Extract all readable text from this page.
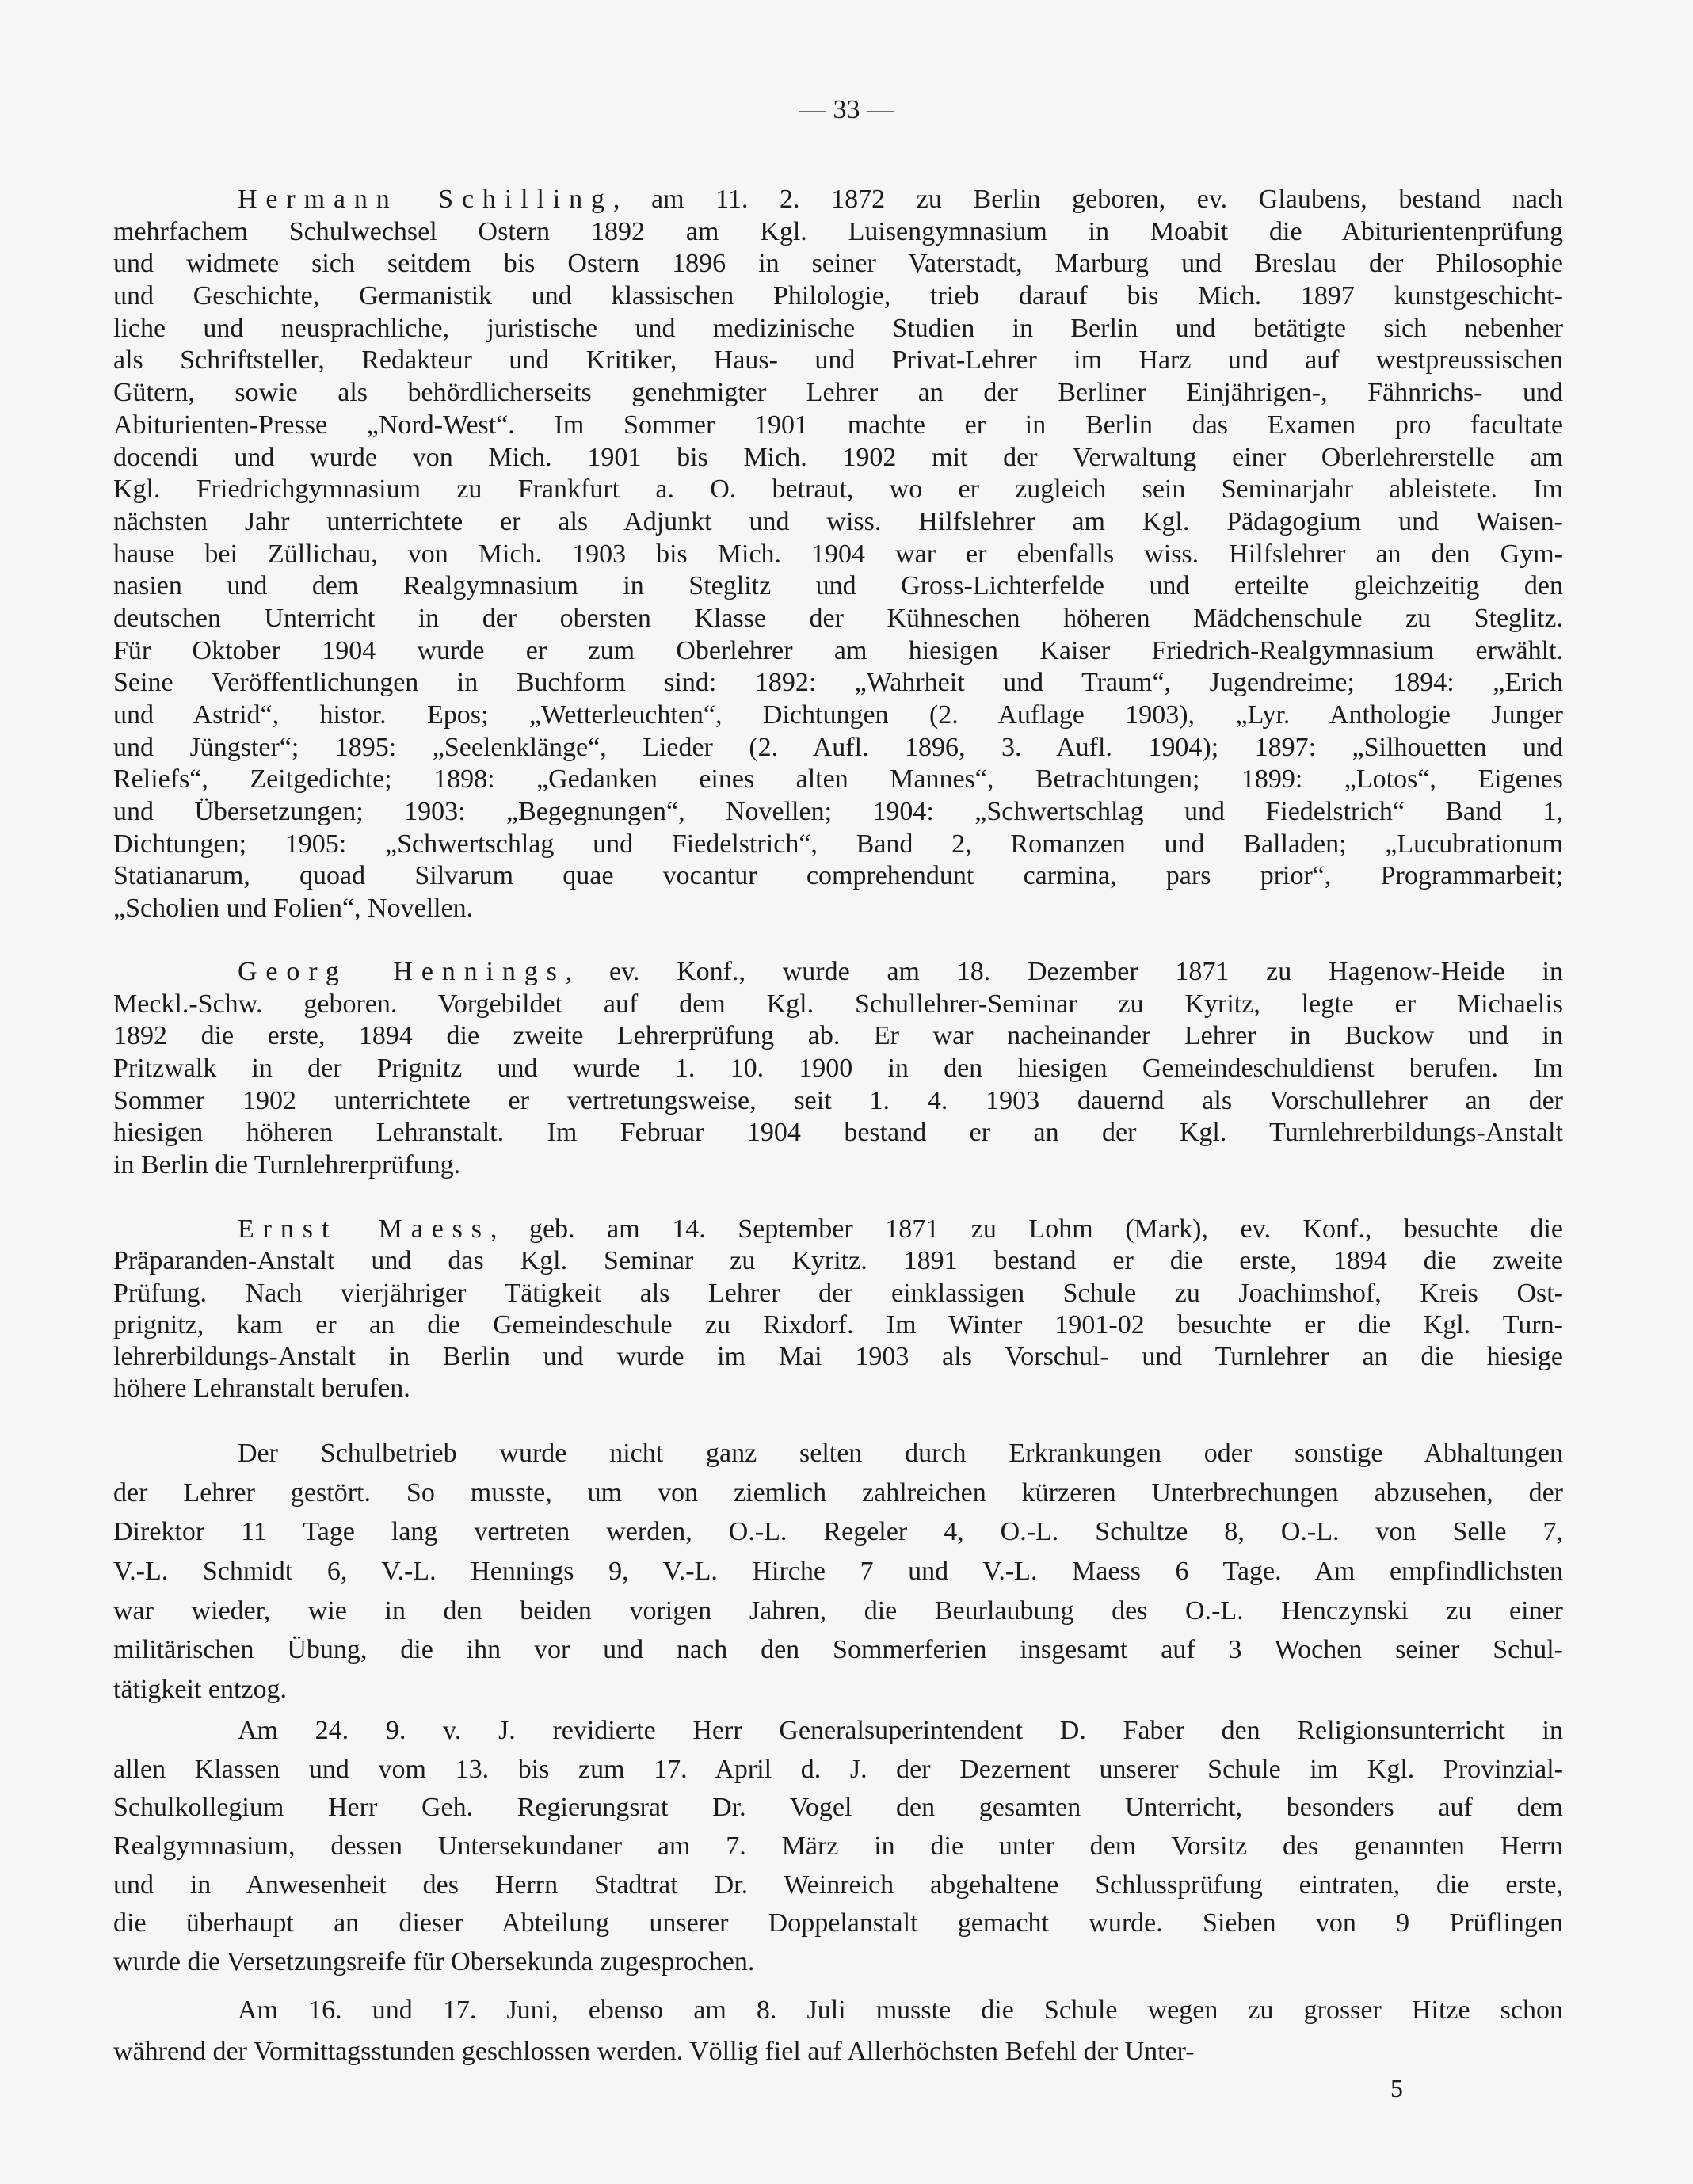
— 33 —
Hermann Schilling, am 11. 2. 1872 zu Berlin geboren, ev. Glaubens, bestand nach
mehrfachem Schulwechsel Ostern 1892 am Kgl. Luisengymnasium in Moabit die Abiturientenprüfung
und widmete sich seitdem bis Ostern 1896 in seiner Vaterstadt, Marburg und Breslau der Philosophie
und Geschichte, Germanistik und klassischen Philologie, trieb darauf bis Mich. 1897 kunstgeschicht-
liche und neusprachliche, juristische und medizinische Studien in Berlin und betätigte sich nebenher
als Schriftsteller, Redakteur und Kritiker, Haus- und Privat-Lehrer im Harz und auf westpreussischen
Gütern, sowie als behördlicherseits genehmigter Lehrer an der Berliner Einjährigen-, Fähnrichs- und
Abiturienten-Presse „Nord-West“. Im Sommer 1901 machte er in Berlin das Examen pro facultate
docendi und wurde von Mich. 1901 bis Mich. 1902 mit der Verwaltung einer Oberlehrerstelle am
Kgl. Friedrichgymnasium zu Frankfurt a. O. betraut, wo er zugleich sein Seminarjahr ableistete. Im
nächsten Jahr unterrichtete er als Adjunkt und wiss. Hilfslehrer am Kgl. Pädagogium und Waisen-
hause bei Züllichau, von Mich. 1903 bis Mich. 1904 war er ebenfalls wiss. Hilfslehrer an den Gym-
nasien und dem Realgymnasium in Steglitz und Gross-Lichterfelde und erteilte gleichzeitig den
deutschen Unterricht in der obersten Klasse der Kühneschen höheren Mädchenschule zu Steglitz.
Für Oktober 1904 wurde er zum Oberlehrer am hiesigen Kaiser Friedrich-Realgymnasium erwählt.
Seine Veröffentlichungen in Buchform sind: 1892: „Wahrheit und Traum“, Jugendreime; 1894: „Erich
und Astrid“, histor. Epos; „Wetterleuchten“, Dichtungen (2. Auflage 1903), „Lyr. Anthologie Junger
und Jüngster“; 1895: „Seelenklänge“, Lieder (2. Aufl. 1896, 3. Aufl. 1904); 1897: „Silhouetten und
Reliefs“, Zeitgedichte; 1898: „Gedanken eines alten Mannes“, Betrachtungen; 1899: „Lotos“, Eigenes
und Übersetzungen; 1903: „Begegnungen“, Novellen; 1904: „Schwertschlag und Fiedelstrich“ Band 1,
Dichtungen; 1905: „Schwertschlag und Fiedelstrich“, Band 2, Romanzen und Balladen; „Lucubrationum
Statianarum, quoad Silvarum quae vocantur comprehendunt carmina, pars prior“, Programmarbeit;
„Scholien und Folien“, Novellen.
Georg Hennings, ev. Konf., wurde am 18. Dezember 1871 zu Hagenow-Heide in
Meckl.-Schw. geboren. Vorgebildet auf dem Kgl. Schullehrer-Seminar zu Kyritz, legte er Michaelis
1892 die erste, 1894 die zweite Lehrerprüfung ab. Er war nacheinander Lehrer in Buckow und in
Pritzwalk in der Prignitz und wurde 1. 10. 1900 in den hiesigen Gemeindeschuldienst berufen. Im
Sommer 1902 unterrichtete er vertretungsweise, seit 1. 4. 1903 dauernd als Vorschullehrer an der
hiesigen höheren Lehranstalt. Im Februar 1904 bestand er an der Kgl. Turnlehrerbildungs-Anstalt
in Berlin die Turnlehrerprüfung.
Ernst Maess, geb. am 14. September 1871 zu Lohm (Mark), ev. Konf., besuchte die
Präparanden-Anstalt und das Kgl. Seminar zu Kyritz. 1891 bestand er die erste, 1894 die zweite
Prüfung. Nach vierjähriger Tätigkeit als Lehrer der einklassigen Schule zu Joachimshof, Kreis Ost-
prignitz, kam er an die Gemeindeschule zu Rixdorf. Im Winter 1901-02 besuchte er die Kgl. Turn-
lehrerbildungs-Anstalt in Berlin und wurde im Mai 1903 als Vorschul- und Turnlehrer an die hiesige
höhere Lehranstalt berufen.
Der Schulbetrieb wurde nicht ganz selten durch Erkrankungen oder sonstige Abhaltungen
der Lehrer gestört. So musste, um von ziemlich zahlreichen kürzeren Unterbrechungen abzusehen, der
Direktor 11 Tage lang vertreten werden, O.-L. Regeler 4, O.-L. Schultze 8, O.-L. von Selle 7,
V.-L. Schmidt 6, V.-L. Hennings 9, V.-L. Hirche 7 und V.-L. Maess 6 Tage. Am empfindlichsten
war wieder, wie in den beiden vorigen Jahren, die Beurlaubung des O.-L. Henczynski zu einer
militärischen Übung, die ihn vor und nach den Sommerferien insgesamt auf 3 Wochen seiner Schul-
tätigkeit entzog.
Am 24. 9. v. J. revidierte Herr Generalsuperintendent D. Faber den Religionsunterricht in
allen Klassen und vom 13. bis zum 17. April d. J. der Dezernent unserer Schule im Kgl. Provinzial-
Schulkollegium Herr Geh. Regierungsrat Dr. Vogel den gesamten Unterricht, besonders auf dem
Realgymnasium, dessen Untersekundaner am 7. März in die unter dem Vorsitz des genannten Herrn
und in Anwesenheit des Herrn Stadtrat Dr. Weinreich abgehaltene Schlussprüfung eintraten, die erste,
die überhaupt an dieser Abteilung unserer Doppelanstalt gemacht wurde. Sieben von 9 Prüflingen
wurde die Versetzungsreife für Obersekunda zugesprochen.
Am 16. und 17. Juni, ebenso am 8. Juli musste die Schule wegen zu grosser Hitze schon
während der Vormittagsstunden geschlossen werden. Völlig fiel auf Allerhöchsten Befehl der Unter-
5
